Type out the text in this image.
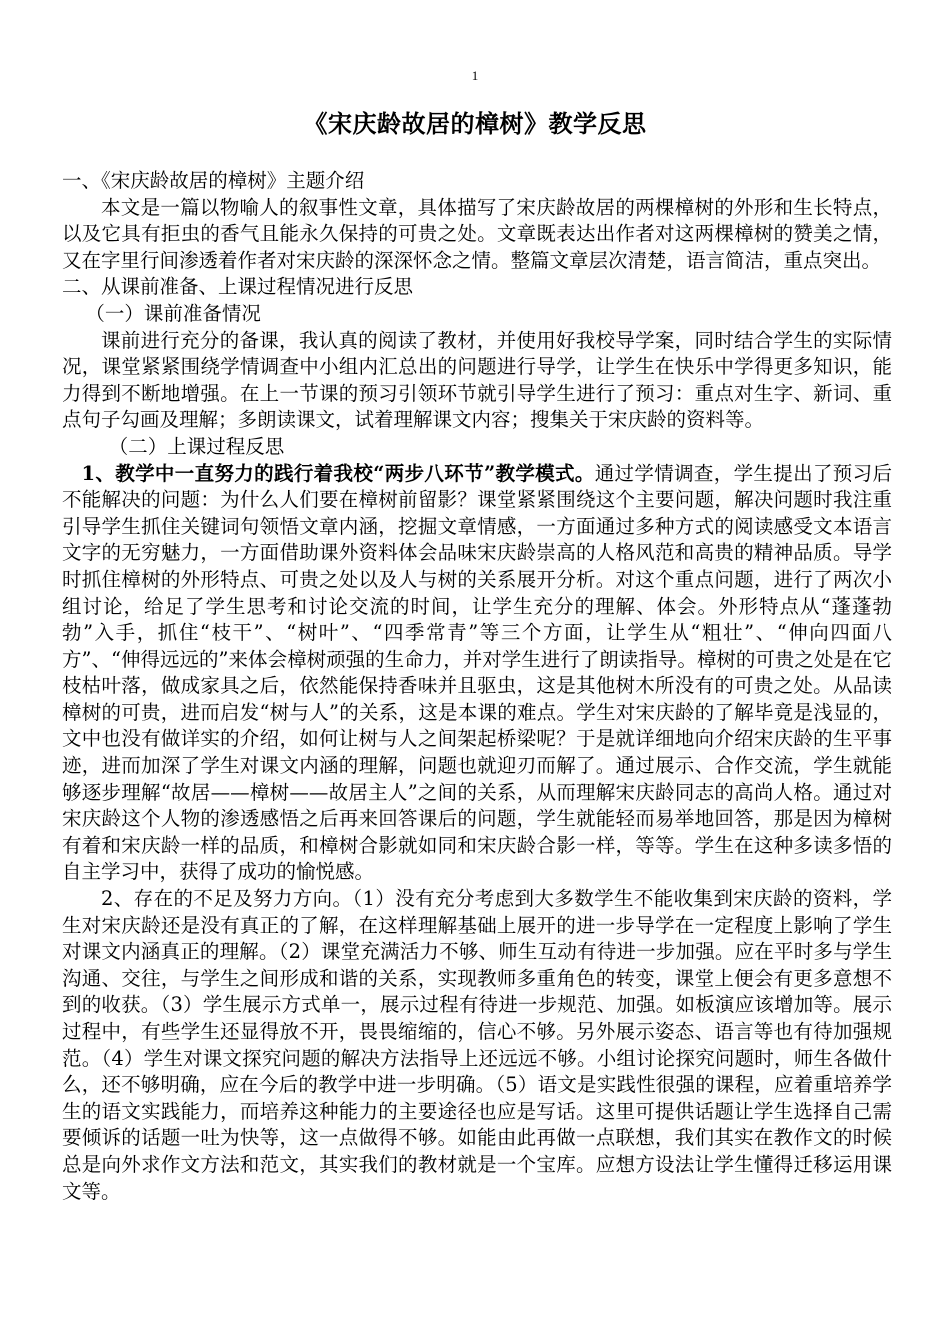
1
《宋庆龄故居的樟树》教学反思

一、《宋庆龄故居的樟树》主题介绍

本文是一篇以物喻人的叙事性文章，具体描写了宋庆龄故居的两棵樟树的外形和生长特点，以及它具有拒虫的香气且能永久保持的可贵之处。文章既表达出作者对这两棵樟树的赞美之情，又在字里行间渗透着作者对宋庆龄的深深怀念之情。整篇文章层次清楚，语言简洁，重点突出。

二、从课前准备、上课过程情况进行反思

（一）课前准备情况

课前进行充分的备课，我认真的阅读了教材，并使用好我校导学案，同时结合学生的实际情况，课堂紧紧围绕学情调查中小组内汇总出的问题进行导学，让学生在快乐中学得更多知识，能力得到不断地增强。在上一节课的预习引领环节就引导学生进行了预习：重点对生字、新词、重点句子勾画及理解；多朗读课文，试着理解课文内容；搜集关于宋庆龄的资料等。

（二）上课过程反思

1、教学中一直努力的践行着我校“两步八环节”教学模式。通过学情调查，学生提出了预习后不能解决的问题：为什么人们要在樟树前留影？课堂紧紧围绕这个主要问题，解决问题时我注重引导学生抓住关键词句领悟文章内涵，挖掘文章情感，一方面通过多种方式的阅读感受文本语言文字的无穷魅力，一方面借助课外资料体会品味宋庆龄崇高的人格风范和高贵的精神品质。导学时抓住樟树的外形特点、可贵之处以及人与树的关系展开分析。对这个重点问题，进行了两次小组讨论，给足了学生思考和讨论交流的时间，让学生充分的理解、体会。外形特点从“蓬蓬勃勃”入手，抓住“枝干”、“树叶”、“四季常青”等三个方面，让学生从“粗壮”、“伸向四面八方”、“伸得远远的”来体会樟树顽强的生命力，并对学生进行了朗读指导。樟树的可贵之处是在它枝枯叶落，做成家具之后，依然能保持香味并且驱虫，这是其他树木所没有的可贵之处。从品读樟树的可贵，进而启发“树与人”的关系，这是本课的难点。学生对宋庆龄的了解毕竟是浅显的，文中也没有做详实的介绍，如何让树与人之间架起桥梁呢？于是就详细地向介绍宋庆龄的生平事迹，进而加深了学生对课文内涵的理解，问题也就迎刃而解了。通过展示、合作交流，学生就能够逐步理解“故居——樟树——故居主人”之间的关系，从而理解宋庆龄同志的高尚人格。通过对宋庆龄这个人物的渗透感悟之后再来回答课后的问题，学生就能轻而易举地回答，那是因为樟树有着和宋庆龄一样的品质，和樟树合影就如同和宋庆龄合影一样，等等。学生在这种多读多悟的自主学习中，获得了成功的愉悦感。

2、存在的不足及努力方向。（1）没有充分考虑到大多数学生不能收集到宋庆龄的资料，学生对宋庆龄还是没有真正的了解，在这样理解基础上展开的进一步导学在一定程度上影响了学生对课文内涵真正的理解。（2）课堂充满活力不够、师生互动有待进一步加强。应在平时多与学生沟通、交往，与学生之间形成和谐的关系，实现教师多重角色的转变，课堂上便会有更多意想不到的收获。（3）学生展示方式单一，展示过程有待进一步规范、加强。如板演应该增加等。展示过程中，有些学生还显得放不开，畏畏缩缩的，信心不够。另外展示姿态、语言等也有待加强规范。（4）学生对课文探究问题的解决方法指导上还远远不够。小组讨论探究问题时，师生各做什么，还不够明确，应在今后的教学中进一步明确。（5）语文是实践性很强的课程，应着重培养学生的语文实践能力，而培养这种能力的主要途径也应是写话。这里可提供话题让学生选择自己需要倾诉的话题一吐为快等，这一点做得不够。如能由此再做一点联想，我们其实在教作文的时候总是向外求作文方法和范文，其实我们的教材就是一个宝库。应想方设法让学生懂得迁移运用课文等。
